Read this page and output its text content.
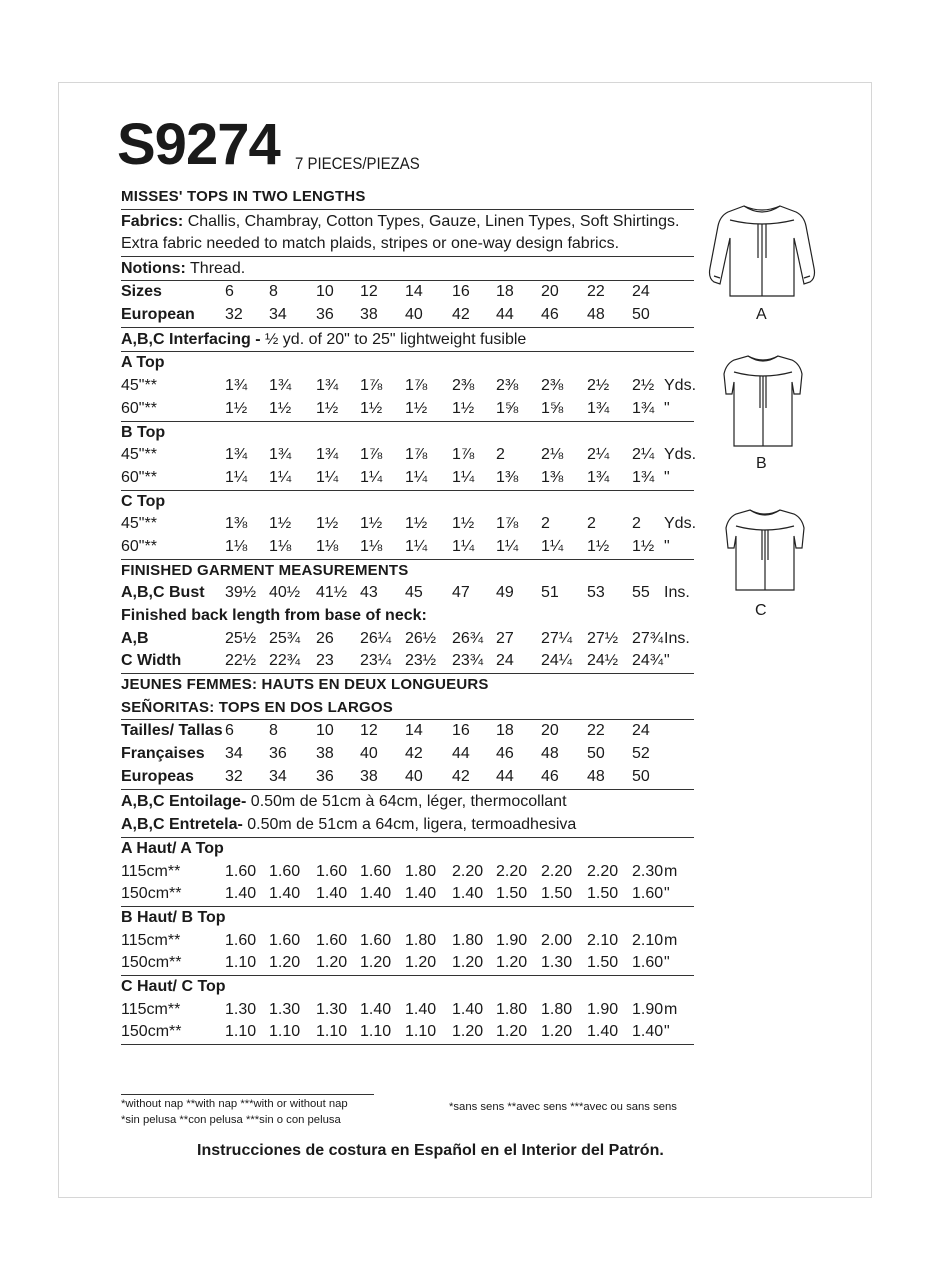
S9274 7 PIECES/PIEZAS
MISSES' TOPS IN TWO LENGTHS
Fabrics: Challis, Chambray, Cotton Types, Gauze, Linen Types, Soft Shirtings. Extra fabric needed to match plaids, stripes or one-way design fabrics.
Notions: Thread.
Sizes	6 8 10 12 14 16 18 20 22 24
European 32 34 36 38 40 42 44 46 48 50
A,B,C Interfacing - ½ yd. of 20" to 25" lightweight fusible
A Top
45"**	1¾ 1¾ 1¾ 1⅞ 1⅞ 2⅜ 2⅜ 2⅜ 2½ 2½ Yds.
60"**	1½ 1½ 1½ 1½ 1½ 1½ 1⅝ 1⅝ 1¾ 1¾ "
B Top
45"**	1¾ 1¾ 1¾ 1⅞ 1⅞ 1⅞ 2 2⅛ 2¼ 2¼ Yds.
60"**	1¼ 1¼ 1¼ 1¼ 1¼ 1¼ 1⅜ 1⅜ 1¾ 1¾ "
C Top
45"**	1⅜ 1½ 1½ 1½ 1½ 1½ 1⅞ 2 2 2 Yds.
60"**	1⅛ 1⅛ 1⅛ 1⅛ 1¼ 1¼ 1¼ 1¼ 1½ 1½ "
FINISHED GARMENT MEASUREMENTS
A,B,C Bust 39½ 40½ 41½ 43 45 47 49 51 53 55 Ins.
Finished back length from base of neck:
A,B	25½ 25¾ 26 26¼ 26½ 26¾ 27 27¼ 27½ 27¾ Ins.
C Width	22½ 22¾ 23 23¼ 23½ 23¾ 24 24¼ 24½ 24¾ "
JEUNES FEMMES: HAUTS EN DEUX LONGUEURS
SEÑORITAS: TOPS EN DOS LARGOS
Tailles/ Tallas 6 8 10 12 14 16 18 20 22 24
Françaises 34 36 38 40 42 44 46 48 50 52
Europeas 32 34 36 38 40 42 44 46 48 50
A,B,C Entoilage- 0.50m de 51cm à 64cm, léger, thermocollant
A,B,C Entretela- 0.50m de 51cm a 64cm, ligera, termoadhesiva
A Haut/ A Top
115cm**	1.60 1.60 1.60 1.60 1.80 2.20 2.20 2.20 2.20 2.30 m
150cm**	1.40 1.40 1.40 1.40 1.40 1.40 1.50 1.50 1.50 1.60 "
B Haut/ B Top
115cm**	1.60 1.60 1.60 1.60 1.80 1.80 1.90 2.00 2.10 2.10 m
150cm**	1.10 1.20 1.20 1.20 1.20 1.20 1.20 1.30 1.50 1.60 "
C Haut/ C Top
115cm**	1.30 1.30 1.30 1.40 1.40 1.40 1.80 1.80 1.90 1.90 m
150cm**	1.10 1.10 1.10 1.10 1.10 1.20 1.20 1.20 1.40 1.40 "
*without nap **with nap ***with or without nap
*sin pelusa **con pelusa ***sin o con pelusa
*sans sens **avec sens ***avec ou sans sens
Instrucciones de costura en Español en el Interior del Patrón.
A
B
C
